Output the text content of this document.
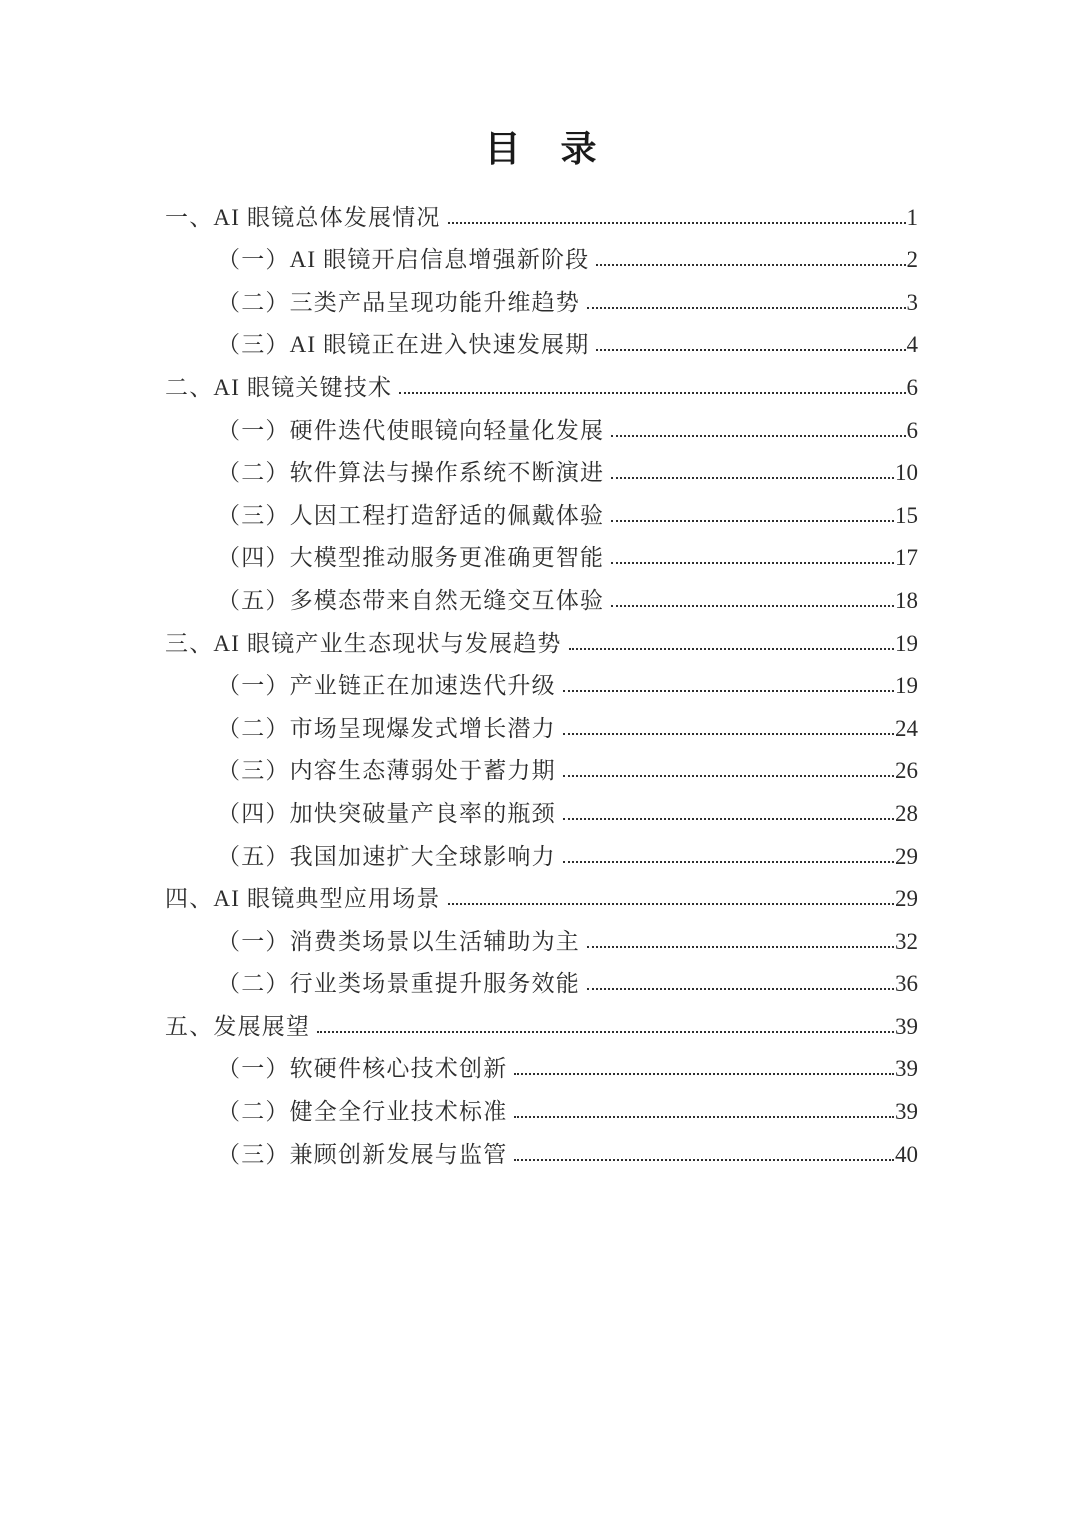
目　录
一、AI 眼镜总体发展情况	1
（一）AI 眼镜开启信息增强新阶段	2
（二）三类产品呈现功能升维趋势	3
（三）AI 眼镜正在进入快速发展期	4
二、AI 眼镜关键技术	6
（一）硬件迭代使眼镜向轻量化发展	6
（二）软件算法与操作系统不断演进	10
（三）人因工程打造舒适的佩戴体验	15
（四）大模型推动服务更准确更智能	17
（五）多模态带来自然无缝交互体验	18
三、AI 眼镜产业生态现状与发展趋势	19
（一）产业链正在加速迭代升级	19
（二）市场呈现爆发式增长潜力	24
（三）内容生态薄弱处于蓄力期	26
（四）加快突破量产良率的瓶颈	28
（五）我国加速扩大全球影响力	29
四、AI 眼镜典型应用场景	29
（一）消费类场景以生活辅助为主	32
（二）行业类场景重提升服务效能	36
五、发展展望	39
（一）软硬件核心技术创新	39
（二）健全全行业技术标准	39
（三）兼顾创新发展与监管	40
